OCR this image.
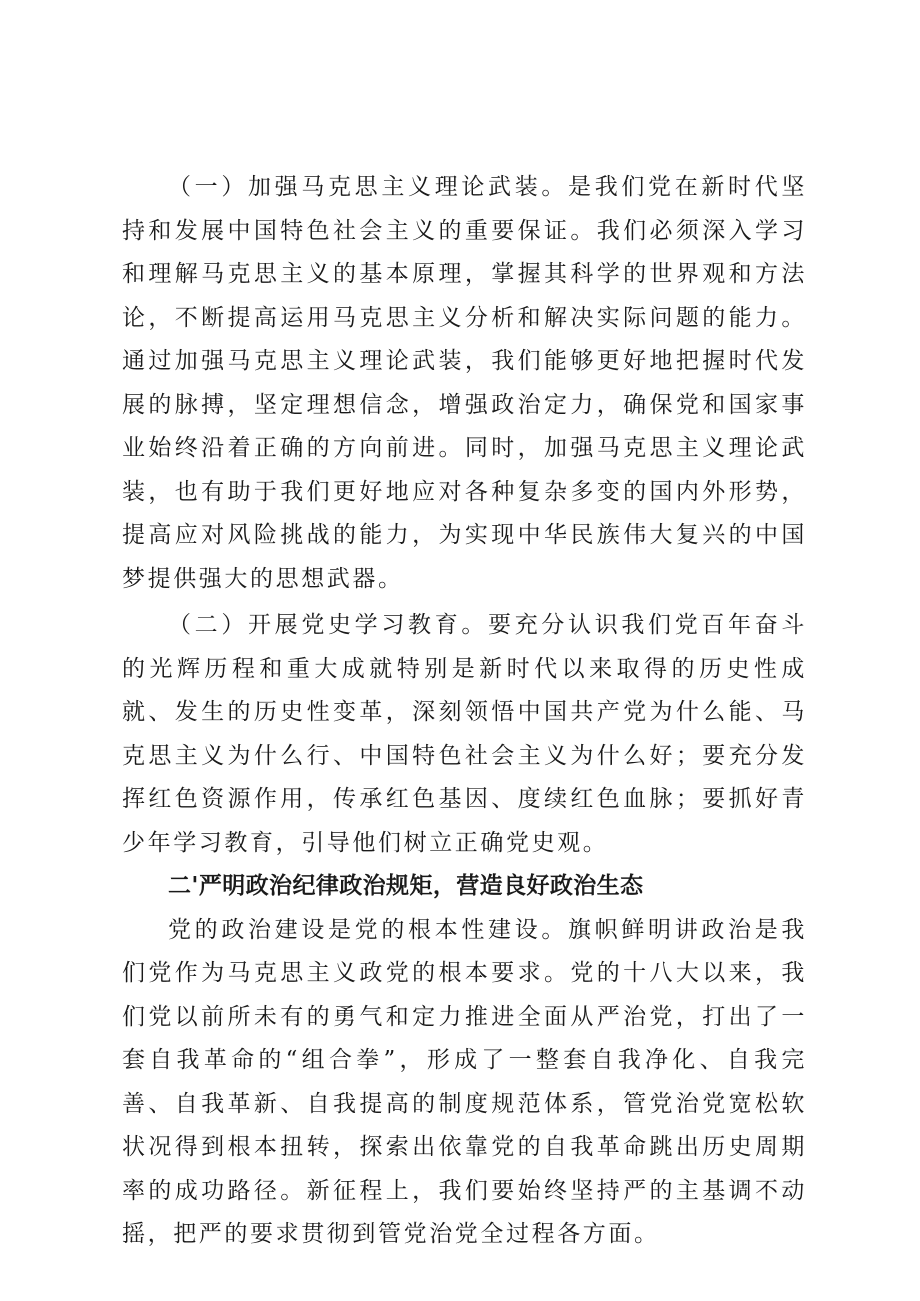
（一）加强马克思主义理论武装。是我们党在新时代坚持和发展中国特色社会主义的重要保证。我们必须深入学习和理解马克思主义的基本原理，掌握其科学的世界观和方法论，不断提高运用马克思主义分析和解决实际问题的能力。通过加强马克思主义理论武装，我们能够更好地把握时代发展的脉搏，坚定理想信念，增强政治定力，确保党和国家事业始终沿着正确的方向前进。同时，加强马克思主义理论武装，也有助于我们更好地应对各种复杂多变的国内外形势，提高应对风险挑战的能力，为实现中华民族伟大复兴的中国梦提供强大的思想武器。

（二）开展党史学习教育。要充分认识我们党百年奋斗的光辉历程和重大成就特别是新时代以来取得的历史性成就、发生的历史性变革，深刻领悟中国共产党为什么能、马克思主义为什么行、中国特色社会主义为什么好；要充分发挥红色资源作用，传承红色基因、度续红色血脉；要抓好青少年学习教育，引导他们树立正确党史观。

二'严明政治纪律政治规矩，营造良好政治生态

党的政治建设是党的根本性建设。旗帜鲜明讲政治是我们党作为马克思主义政党的根本要求。党的十八大以来，我们党以前所未有的勇气和定力推进全面从严治党，打出了一套自我革命的“组合拳”，形成了一整套自我净化、自我完善、自我革新、自我提高的制度规范体系，管党治党宽松软状况得到根本扭转，探索出依靠党的自我革命跳出历史周期率的成功路径。新征程上，我们要始终坚持严的主基调不动摇，把严的要求贯彻到管党治党全过程各方面。
